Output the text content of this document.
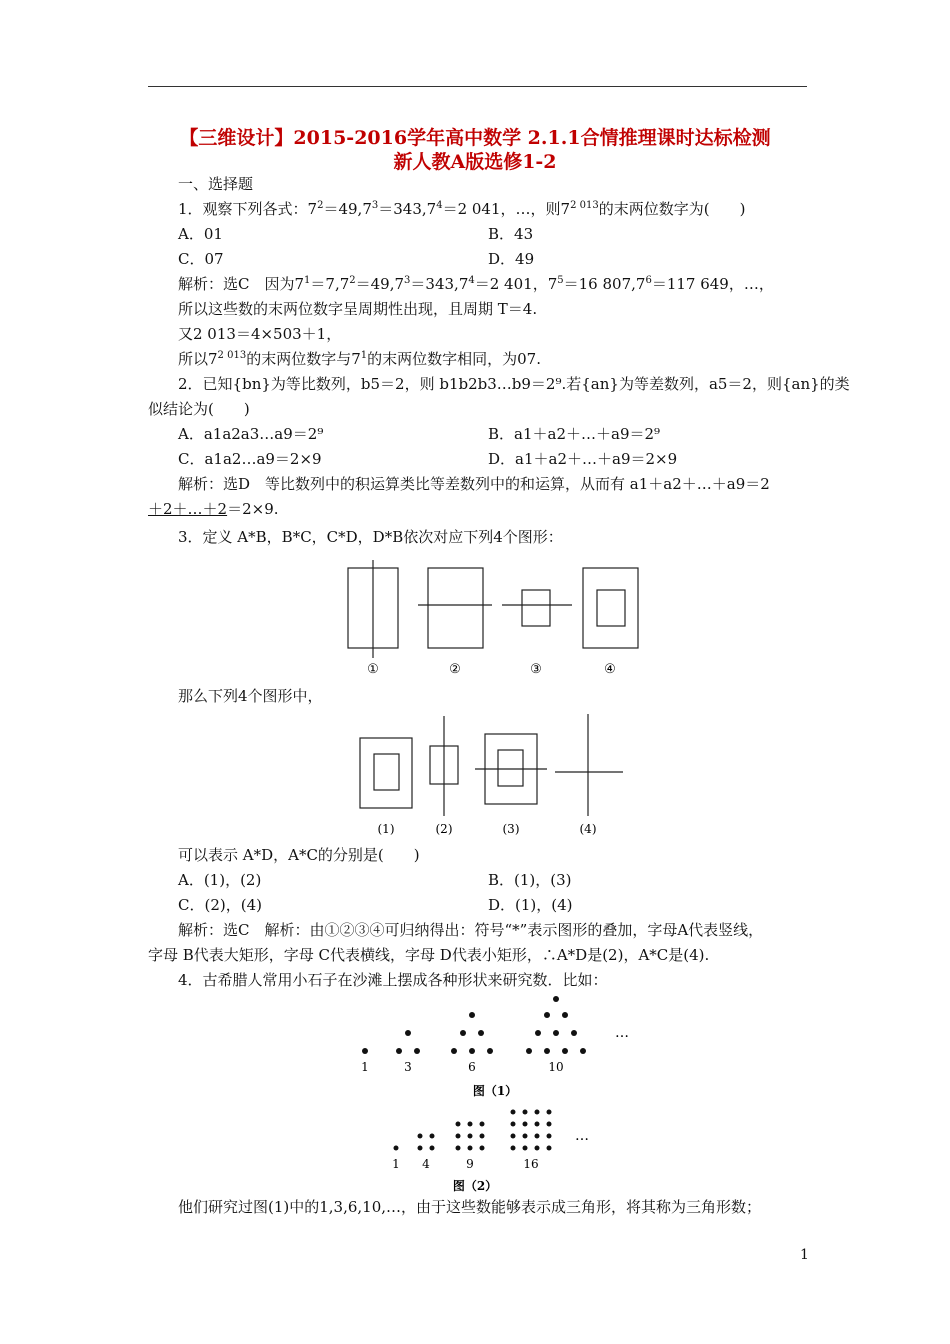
【三维设计】2015-2016学年高中数学 2.1.1合情推理课时达标检测
新人教A版选修1-2
一、选择题
1．观察下列各式：$7^2=49,7^3=343,7^4=2$ 041，…，则$7^{2 013}$的末两位数字为(　　)
A．01	B．43
C．07	D．49
解析：选C　因为$7^1=7,7^2=49,7^3=343,7^4=2$ 401，$7^5=16$ $807,7^6=117$ 649，…，
所以这些数的末两位数字呈周期性出现，且周期 T＝4.
又2 013＝4×503＋1，
所以$7^{2 013}$的末两位数字与$7^1$的末两位数字相同，为07.
2．已知{bn}为等比数列，b5＝2，则 b1b2b3…b9＝2⁹.若{an}为等差数列，a5＝2，则{an}的类
似结论为(　　)
A．a1a2a3…a9＝2⁹	B．a1＋a2＋…＋a9＝2⁹
C．a1a2…a9＝2×9	D．a1＋a2＋…＋a9＝2×9
解析：选D　等比数列中的积运算类比等差数列中的和运算，从而有 a1＋a2＋…＋a9＝2
＋2＋…＋2＝2×9.
3．定义 A*B，B*C，C*D，D*B依次对应下列4个图形：
①	②	③	④
那么下列4个图形中，
(1)	(2)	(3)	(4)
可以表示 A*D，A*C的分别是(　　)
A．(1)，(2)	B．(1)，(3)
C．(2)，(4)	D．(1)，(4)
解析：选C　解析：由①②③④可归纳得出：符号“*”表示图形的叠加，字母A代表竖线，
字母 B代表大矩形，字母 C代表横线，字母 D代表小矩形，∴A*D是(2)，A*C是(4).
4．古希腊人常用小石子在沙滩上摆成各种形状来研究数．比如：
…
1	3	6	10
图（1）
…
1 4	9	16
图（2）
他们研究过图(1)中的1,3,6,10,…，由于这些数能够表示成三角形，将其称为三角形数；
1
